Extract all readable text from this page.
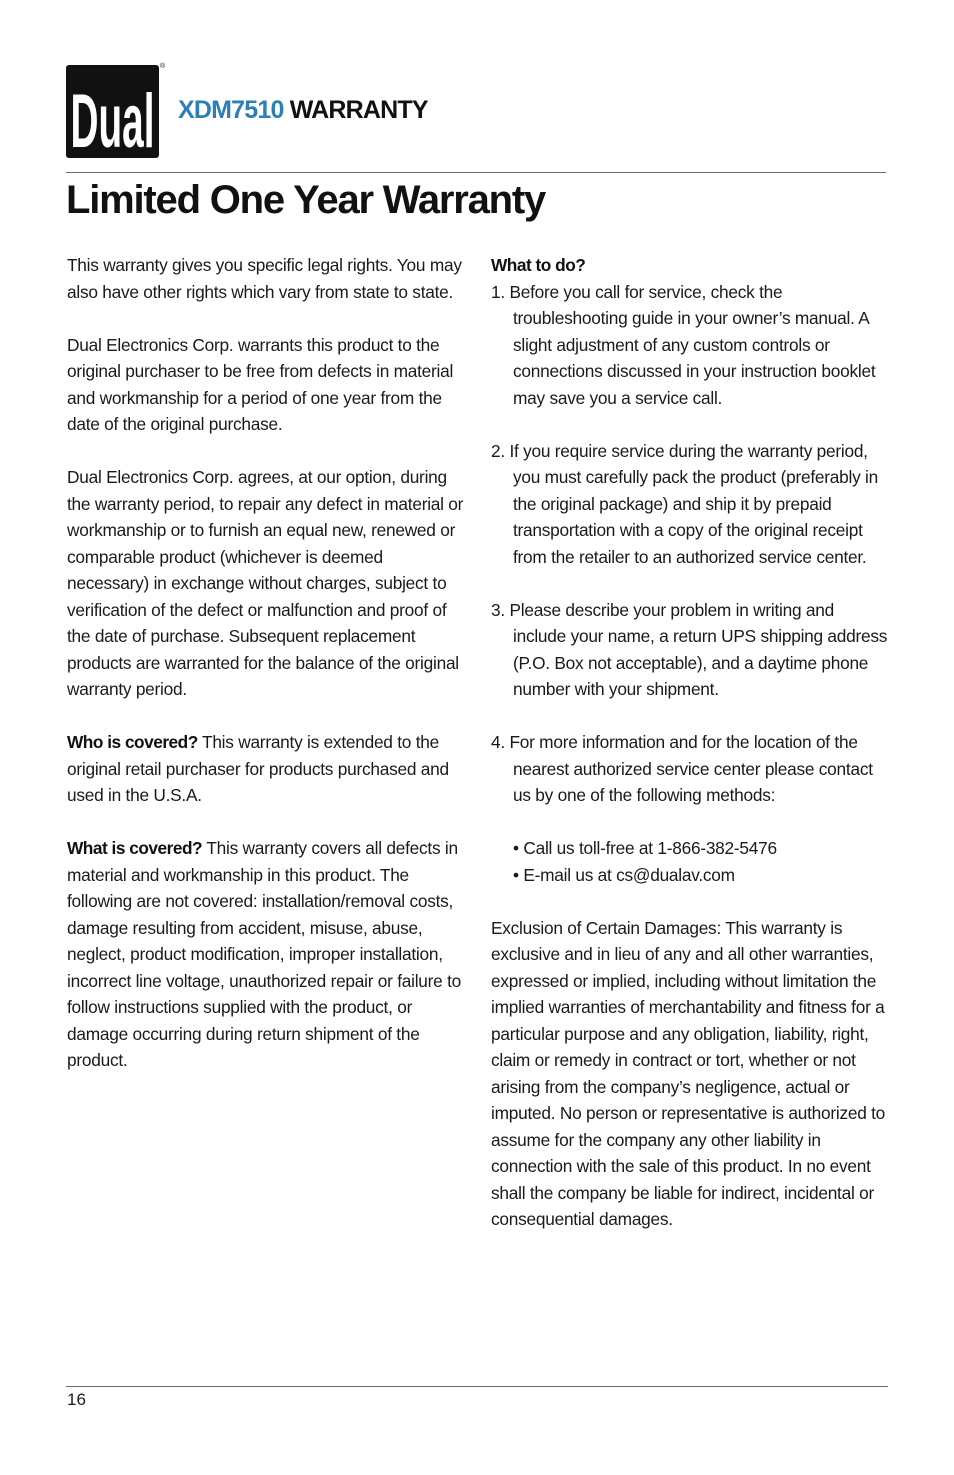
Dual
®
XDM7510 WARRANTY
Limited One Year Warranty

This warranty gives you specific legal rights. You may also have other rights which vary from state to state.

Dual Electronics Corp. warrants this product to the original purchaser to be free from defects in material and workmanship for a period of one year from the date of the original purchase.

Dual Electronics Corp. agrees, at our option, during the warranty period, to repair any defect in material or workmanship or to furnish an equal new, renewed or comparable product (whichever is deemed necessary) in exchange without charges, subject to verification of the defect or malfunction and proof of the date of purchase. Subsequent replacement products are warranted for the balance of the original warranty period.

Who is covered? This warranty is extended to the original retail purchaser for products purchased and used in the U.S.A.

What is covered? This warranty covers all defects in material and workmanship in this product. The following are not covered: installation/removal costs, damage resulting from accident, misuse, abuse, neglect, product modification, improper installation, incorrect line voltage, unauthorized repair or failure to follow instructions supplied with the product, or damage occurring during return shipment of the product.

What to do?
1. Before you call for service, check the troubleshooting guide in your owner’s manual. A slight adjustment of any custom controls or connections discussed in your instruction booklet may save you a service call.
2. If you require service during the warranty period, you must carefully pack the product (preferably in the original package) and ship it by prepaid transportation with a copy of the original receipt from the retailer to an authorized service center.
3. Please describe your problem in writing and include your name, a return UPS shipping address (P.O. Box not acceptable), and a daytime phone number with your shipment.
4. For more information and for the location of the nearest authorized service center please contact us by one of the following methods:
• Call us toll-free at 1-866-382-5476
• E-mail us at cs@dualav.com

Exclusion of Certain Damages: This warranty is exclusive and in lieu of any and all other warranties, expressed or implied, including without limitation the implied warranties of merchantability and fitness for a particular purpose and any obligation, liability, right, claim or remedy in contract or tort, whether or not arising from the company’s negligence, actual or imputed. No person or representative is authorized to assume for the company any other liability in connection with the sale of this product. In no event shall the company be liable for indirect, incidental or consequential damages.

16
